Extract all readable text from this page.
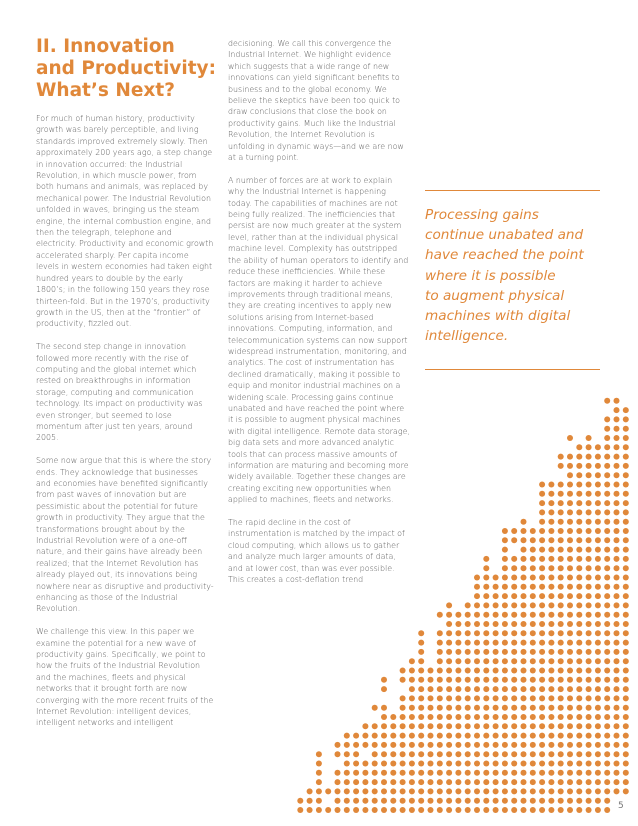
II. Innovation
and Productivity:
What’s Next?

For much of human history, productivity growth was barely perceptible, and living standards improved extremely slowly. Then approximately 200 years ago, a step change in innovation occurred: the Industrial Revolution, in which muscle power, from both humans and animals, was replaced by mechanical power. The Industrial Revolution unfolded in waves, bringing us the steam engine, the internal combustion engine, and then the telegraph, telephone and electricity. Productivity and economic growth accelerated sharply. Per capita income levels in western economies had taken eight hundred years to double by the early 1800’s; in the following 150 years they rose thirteen-fold. But in the 1970’s, productivity growth in the US, then at the “frontier” of productivity, fizzled out.

The second step change in innovation followed more recently with the rise of computing and the global internet which rested on breakthroughs in information storage, computing and communication technology. Its impact on productivity was even stronger, but seemed to lose momentum after just ten years, around 2005.

Some now argue that this is where the story ends. They acknowledge that businesses and economies have benefited significantly from past waves of innovation but are pessimistic about the potential for future growth in productivity. They argue that the transformations brought about by the Industrial Revolution were of a one-off nature, and their gains have already been realized; that the Internet Revolution has already played out, its innovations being nowhere near as disruptive and productivity-enhancing as those of the Industrial Revolution.

We challenge this view. In this paper we examine the potential for a new wave of productivity gains. Specifically, we point to how the fruits of the Industrial Revolution and the machines, fleets and physical networks that it brought forth are now converging with the more recent fruits of the Internet Revolution: intelligent devices, intelligent networks and intelligent

decisioning. We call this convergence the Industrial Internet. We highlight evidence which suggests that a wide range of new innovations can yield significant benefits to business and to the global economy. We believe the skeptics have been too quick to draw conclusions that close the book on productivity gains. Much like the Industrial Revolution, the Internet Revolution is unfolding in dynamic ways—and we are now at a turning point.

A number of forces are at work to explain why the Industrial Internet is happening today. The capabilities of machines are not being fully realized. The inefficiencies that persist are now much greater at the system level, rather than at the individual physical machine level. Complexity has outstripped the ability of human operators to identify and reduce these inefficiencies. While these factors are making it harder to achieve improvements through traditional means, they are creating incentives to apply new solutions arising from Internet-based innovations. Computing, information, and telecommunication systems can now support widespread instrumentation, monitoring, and analytics. The cost of instrumentation has declined dramatically, making it possible to equip and monitor industrial machines on a widening scale. Processing gains continue unabated and have reached the point where it is possible to augment physical machines with digital intelligence. Remote data storage, big data sets and more advanced analytic tools that can process massive amounts of information are maturing and becoming more widely available. Together these changes are creating exciting new opportunities when applied to machines, fleets and networks.

The rapid decline in the cost of instrumentation is matched by the impact of cloud computing, which allows us to gather and analyze much larger amounts of data, and at lower cost, than was ever possible. This creates a cost-deflation trend

Processing gains
continue unabated and
have reached the point
where it is possible
to augment physical
machines with digital
intelligence.
5
